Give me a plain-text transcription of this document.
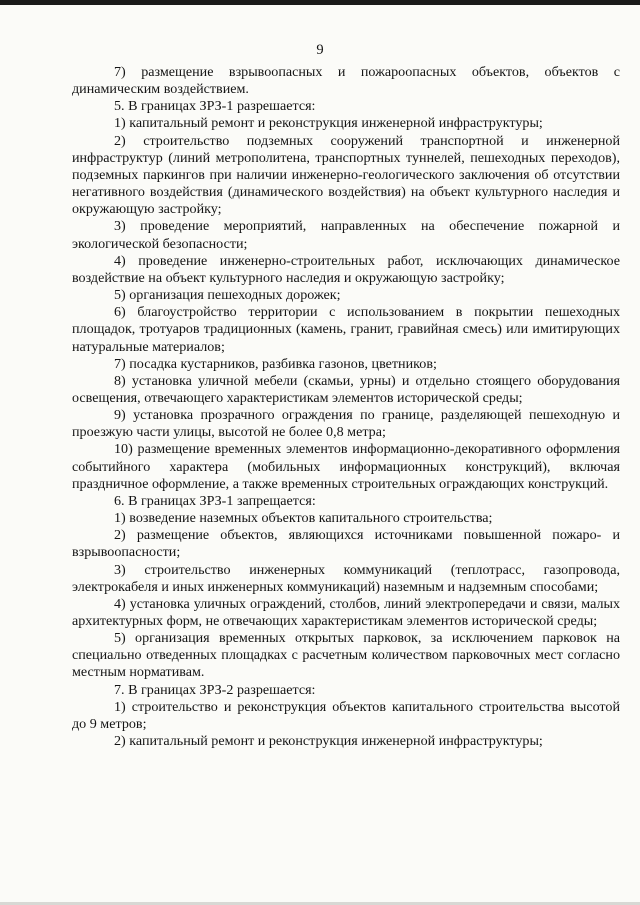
9

7) размещение взрывоопасных и пожароопасных объектов, объектов с динамическим воздействием.

5. В границах ЗРЗ-1 разрешается:

1) капитальный ремонт и реконструкция инженерной инфраструктуры;

2) строительство подземных сооружений транспортной и инженерной инфраструктур (линий метрополитена, транспортных туннелей, пешеходных переходов), подземных паркингов при наличии инженерно-геологического заключения об отсутствии негативного воздействия (динамического воздействия) на объект культурного наследия и окружающую застройку;

3) проведение мероприятий, направленных на обеспечение пожарной и экологической безопасности;

4) проведение инженерно-строительных работ, исключающих динамическое воздействие на объект культурного наследия и окружающую застройку;

5) организация пешеходных дорожек;

6) благоустройство территории с использованием в покрытии пешеходных площадок, тротуаров традиционных (камень, гранит, гравийная смесь) или имитирующих натуральные материалов;

7) посадка кустарников, разбивка газонов, цветников;

8) установка уличной мебели (скамьи, урны) и отдельно стоящего оборудования освещения, отвечающего характеристикам элементов исторической среды;

9) установка прозрачного ограждения по границе, разделяющей пешеходную и проезжую части улицы, высотой не более 0,8 метра;

10) размещение временных элементов информационно-декоративного оформления событийного характера (мобильных информационных конструкций), включая праздничное оформление, а также временных строительных ограждающих конструкций.

6. В границах ЗРЗ-1 запрещается:

1) возведение наземных объектов капитального строительства;

2) размещение объектов, являющихся источниками повышенной пожаро- и взрывоопасности;

3) строительство инженерных коммуникаций (теплотрасс, газопровода, электрокабеля и иных инженерных коммуникаций) наземным и надземным способами;

4) установка уличных ограждений, столбов, линий электропередачи и связи, малых архитектурных форм, не отвечающих характеристикам элементов исторической среды;

5) организация временных открытых парковок, за исключением парковок на специально отведенных площадках с расчетным количеством парковочных мест согласно местным нормативам.

7. В границах ЗРЗ-2 разрешается:

1) строительство и реконструкция объектов капитального строительства высотой до 9 метров;

2) капитальный ремонт и реконструкция инженерной инфраструктуры;
